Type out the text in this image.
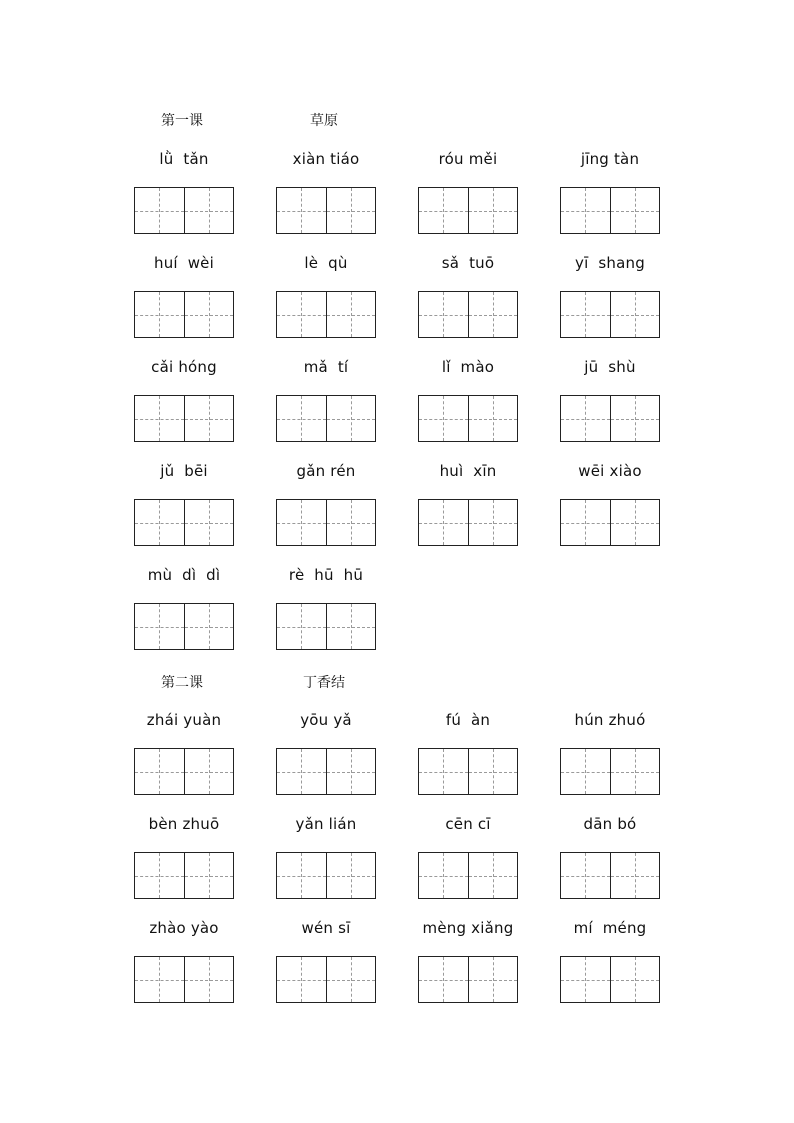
第一课	草原
lǜ  tǎn	xiàn tiáo	róu měi	jīng tàn
huí  wèi	lè  qù	sǎ  tuō	yī  shang
cǎi hóng	mǎ  tí	lǐ  mào	jū  shù
jǔ  bēi	gǎn rén	huì  xīn	wēi xiào
mù  dì  dì	rè  hū  hū
第二课	丁香结
zhái yuàn	yōu yǎ	fú  àn	hún zhuó
bèn zhuō	yǎn lián	cēn cī	dān bó
zhào yào	wén sī	mèng xiǎng	mí  méng
